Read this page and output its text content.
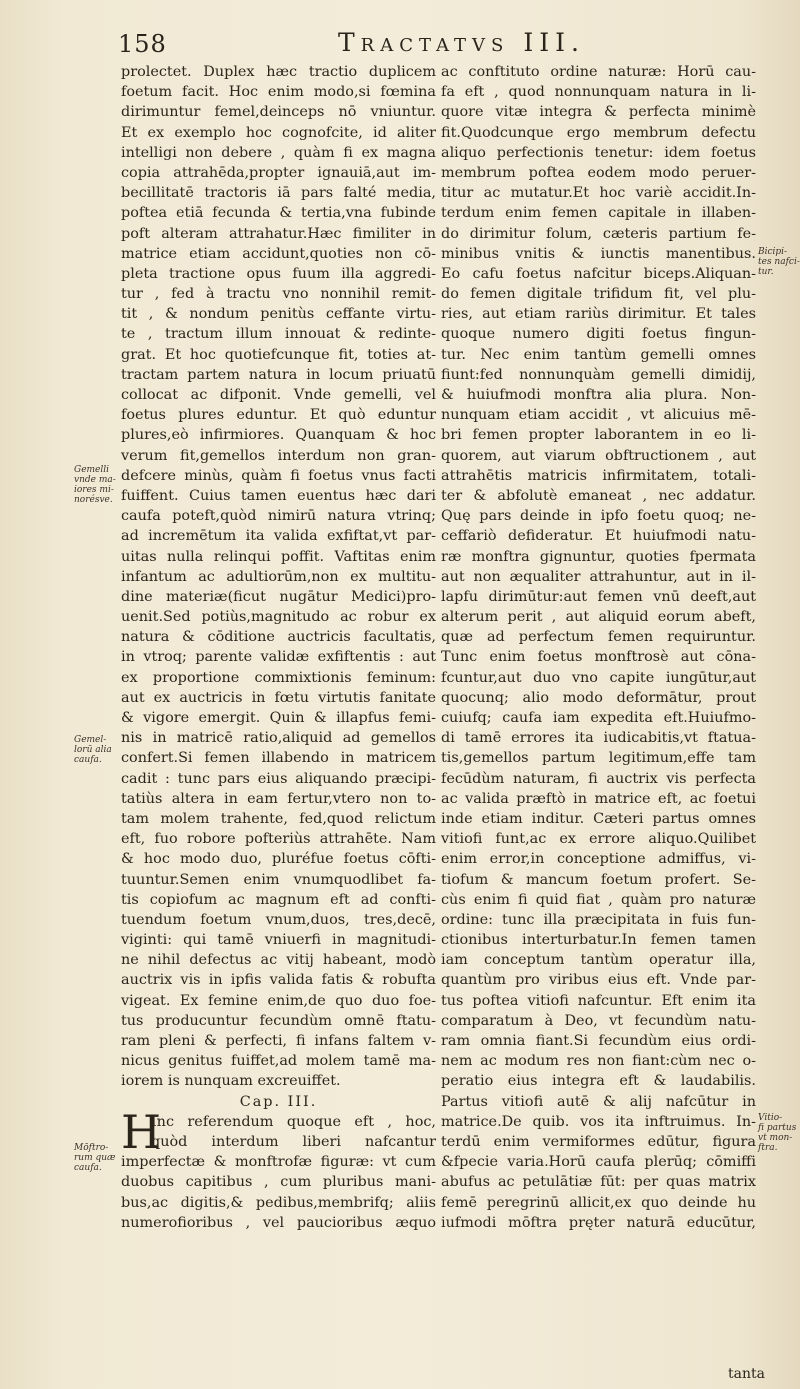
158	Tractatvs III.
prolectet. Duplex hæc tractio duplicem
foetum facit. Hoc enim modo,si fœmina
dirimuntur femel,deinceps nō vniuntur.
Et ex exemplo hoc cognofcite, id aliter
intelligi non debere , quàm fi ex magna
copia attrahēda,propter ignauiā,aut im-
becillitatē tractoris iā pars falté media,
poftea etiā fecunda & tertia,vna fubinde
poft alteram attrahatur.Hæc fimiliter in
matrice etiam accidunt,quoties non cō-
pleta tractione opus fuum illa aggredi-
tur , fed à tractu vno nonnihil remit-
tit , & nondum penitùs ceffante virtu-
te , tractum illum innouat & redinte-
grat. Et hoc quotiefcunque fit, toties at-
tractam partem natura in locum priuatū
collocat ac difponit. Vnde gemelli, vel
foetus plures eduntur. Et quò eduntur
plures,eò infirmiores. Quanquam & hoc
verum fit,gemellos interdum non gran-
defcere minùs, quàm fi foetus vnus facti
fuiffent. Cuius tamen euentus hæc dari
caufa poteft,quòd nimirū natura vtrinq;
ad incremētum ita valida exfiftat,vt par-
uitas nulla relinqui poffit. Vaftitas enim
infantum ac adultiorūm,non ex multitu-
dine materiæ(ficut nugātur Medici)pro-
uenit.Sed potiùs,magnitudo ac robur ex
natura & cōditione auctricis facultatis,
in vtroq; parente validæ exfiftentis : aut
ex proportione commixtionis feminum:
aut ex auctricis in fœtu virtutis fanitate
& vigore emergit. Quin & illapfus femi-
nis in matricē ratio,aliquid ad gemellos
confert.Si femen illabendo in matricem
cadit : tunc pars eius aliquando præcipi-
tatiùs altera in eam fertur,vtero non to-
tam molem trahente, fed,quod relictum
eft, fuo robore pofteriùs attrahēte. Nam
& hoc modo duo, pluréfue foetus cōfti-
tuuntur.Semen enim vnumquodlibet fa-
tis copiofum ac magnum eft ad confti-
tuendum foetum vnum,duos, tres,decē,
viginti: qui tamē vniuerfi in magnitudi-
ne nihil defectus ac vitij habeant, modò
auctrix vis in ipfis valida fatis & robufta
vigeat. Ex femine enim,de quo duo foe-
tus producuntur fecundùm omnē ftatu-
ram pleni & perfecti, fi infans faltem v-
nicus genitus fuiffet,ad molem tamē ma-
iorem is nunquam excreuiffet.
Cap. III.
H
Inc referendum quoque eft , hoc,
quòd interdum liberi nafcantur
imperfectæ & monftrofæ figuræ: vt cum
duobus capitibus , cum pluribus mani-
bus,ac digitis,& pedibus,membrifq; aliis
numerofioribus , vel paucioribus æquo
ac conftituto ordine naturæ: Horū cau-
fa eft , quod nonnunquam natura in li-
quore vitæ integra & perfecta minimè
fit.Quodcunque ergo membrum defectu
aliquo perfectionis tenetur: idem foetus
membrum poftea eodem modo peruer-
titur ac mutatur.Et hoc variè accidit.In-
terdum enim femen capitale in illaben-
do dirimitur folum, cæteris partium fe-
minibus vnitis & iunctis manentibus.
Eo cafu foetus nafcitur biceps.Aliquan-
do femen digitale trifidum fit, vel plu-
ries, aut etiam rariùs dirimitur. Et tales
quoque numero digiti foetus fingun-
tur. Nec enim tantùm gemelli omnes
fiunt:fed nonnunquàm gemelli dimidij,
& huiufmodi monftra alia plura. Non-
nunquam etiam accidit , vt alicuius mē-
bri femen propter laborantem in eo li-
quorem, aut viarum obftructionem , aut
attrahētis matricis infirmitatem, totali-
ter & abfolutè emaneat , nec addatur.
Quę pars deinde in ipfo foetu quoq; ne-
ceffariò defideratur. Et huiufmodi natu-
ræ monftra gignuntur, quoties fpermata
aut non æqualiter attrahuntur, aut in il-
lapfu dirimūtur:aut femen vnū deeft,aut
alterum perit , aut aliquid eorum abeft,
quæ ad perfectum femen requiruntur.
Tunc enim foetus monftrosè aut cōna-
fcuntur,aut duo vno capite iungūtur,aut
quocunq; alio modo deformātur, prout
cuiufq; caufa iam expedita eft.Huiufmo-
di tamē errores ita iudicabitis,vt ftatua-
tis,gemellos partum legitimum,effe tam
fecūdùm naturam, fi auctrix vis perfecta
ac valida præftò in matrice eft, ac foetui
inde etiam inditur. Cæteri partus omnes
vitiofi funt,ac ex errore aliquo.Quilibet
enim error,in conceptione admiffus, vi-
tiofum & mancum foetum profert. Se-
cùs enim fi quid fiat , quàm pro naturæ
ordine: tunc illa præcipitata in fuis fun-
ctionibus interturbatur.In femen tamen
iam conceptum tantùm operatur illa,
quantùm pro viribus eius eft. Vnde par-
tus poftea vitiofi nafcuntur. Eft enim ita
comparatum à Deo, vt fecundùm natu-
ram omnia fiant.Si fecundùm eius ordi-
nem ac modum res non fiant:cùm nec o-
peratio eius integra eft & laudabilis.
Partus vitiofi autē & alij nafcūtur in
matrice.De quib. vos ita inftruimus. In-
terdū enim vermiformes edūtur, figura
&fpecie varia.Horū caufa plerūq; cōmiffi
abufus ac petulātiæ fūt: per quas matrix
femē peregrinū allicit,ex quo deinde hu
iufmodi mōftra pręter naturā educūtur,
Gemelli
vnde ma-
iores mi-
norésve.
Gemel-
lorū alia
caufa.
Mōftro-
rum quæ
caufa.
Bicipi-
tes nafci-
tur.
Vitio-
fi partus
vt mon-
ftra.
tanta
